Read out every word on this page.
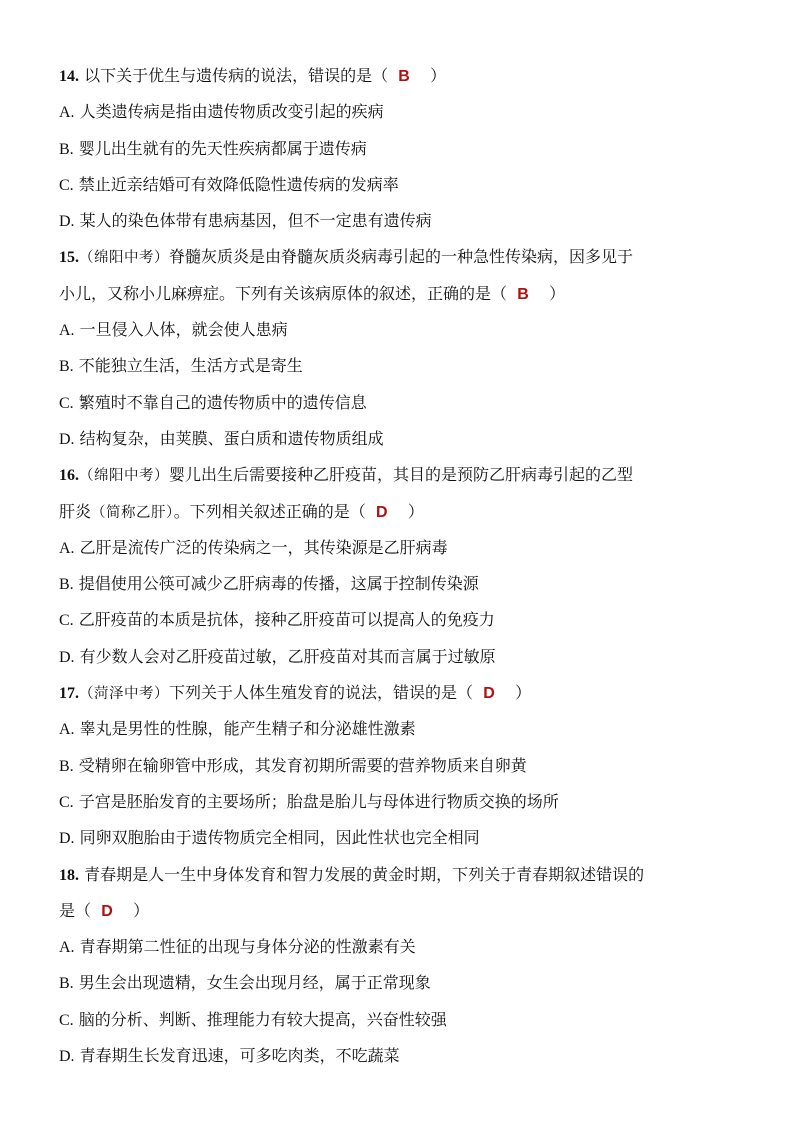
14. 以下关于优生与遗传病的说法，错误的是（ B ）
A. 人类遗传病是指由遗传物质改变引起的疾病
B. 婴儿出生就有的先天性疾病都属于遗传病
C. 禁止近亲结婚可有效降低隐性遗传病的发病率
D. 某人的染色体带有患病基因，但不一定患有遗传病
15.（绵阳中考）脊髓灰质炎是由脊髓灰质炎病毒引起的一种急性传染病，因多见于
小儿，又称小儿麻痹症。下列有关该病原体的叙述，正确的是（ B ）
A. 一旦侵入人体，就会使人患病
B. 不能独立生活，生活方式是寄生
C. 繁殖时不靠自己的遗传物质中的遗传信息
D. 结构复杂，由荚膜、蛋白质和遗传物质组成
16.（绵阳中考）婴儿出生后需要接种乙肝疫苗，其目的是预防乙肝病毒引起的乙型
肝炎（简称乙肝）。下列相关叙述正确的是（ D ）
A. 乙肝是流传广泛的传染病之一，其传染源是乙肝病毒
B. 提倡使用公筷可减少乙肝病毒的传播，这属于控制传染源
C. 乙肝疫苗的本质是抗体，接种乙肝疫苗可以提高人的免疫力
D. 有少数人会对乙肝疫苗过敏，乙肝疫苗对其而言属于过敏原
17.（菏泽中考）下列关于人体生殖发育的说法，错误的是（ D ）
A. 睾丸是男性的性腺，能产生精子和分泌雄性激素
B. 受精卵在输卵管中形成，其发育初期所需要的营养物质来自卵黄
C. 子宫是胚胎发育的主要场所；胎盘是胎儿与母体进行物质交换的场所
D. 同卵双胞胎由于遗传物质完全相同，因此性状也完全相同
18. 青春期是人一生中身体发育和智力发展的黄金时期，下列关于青春期叙述错误的
是（ D ）
A. 青春期第二性征的出现与身体分泌的性激素有关
B. 男生会出现遗精，女生会出现月经，属于正常现象
C. 脑的分析、判断、推理能力有较大提高，兴奋性较强
D. 青春期生长发育迅速，可多吃肉类，不吃蔬菜
